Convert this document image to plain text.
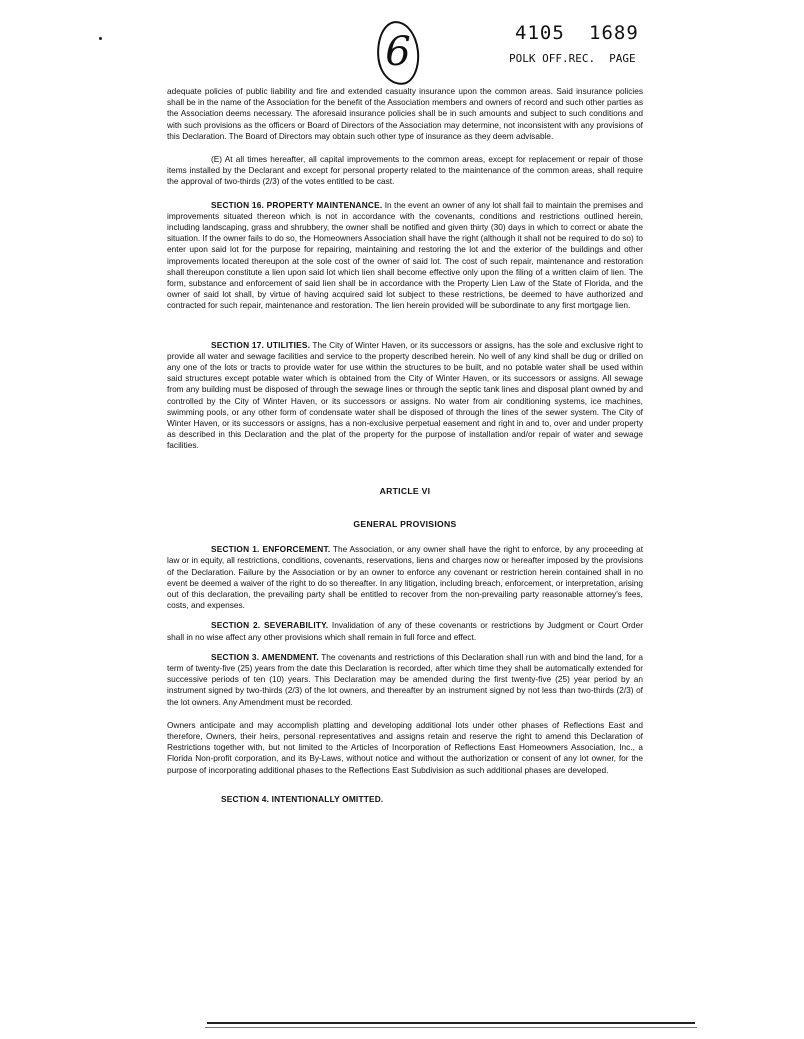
6	4105 1689
POLK OFF.REC. PAGE

adequate policies of public liability and fire and extended casualty insurance upon the common areas. Said insurance policies shall be in the name of the Association for the benefit of the Association members and owners of record and such other parties as the Association deems necessary. The aforesaid insurance policies shall be in such amounts and subject to such conditions and with such provisions as the officers or Board of Directors of the Association may determine, not inconsistent with any provisions of this Declaration. The Board of Directors may obtain such other type of insurance as they deem advisable.

(E) At all times hereafter, all capital improvements to the common areas, except for replacement or repair of those items installed by the Declarant and except for personal property related to the maintenance of the common areas, shall require the approval of two-thirds (2/3) of the votes entitled to be cast.

SECTION 16. PROPERTY MAINTENANCE. In the event an owner of any lot shall fail to maintain the premises and improvements situated thereon which is not in accordance with the covenants, conditions and restrictions outlined herein, including landscaping, grass and shrubbery, the owner shall be notified and given thirty (30) days in which to correct or abate the situation. If the owner fails to do so, the Homeowners Association shall have the right (although it shall not be required to do so) to enter upon said lot for the purpose for repairing, maintaining and restoring the lot and the exterior of the buildings and other improvements located thereupon at the sole cost of the owner of said lot. The cost of such repair, maintenance and restoration shall thereupon constitute a lien upon said lot which lien shall become effective only upon the filing of a written claim of lien. The form, substance and enforcement of said lien shall be in accordance with the Property Lien Law of the State of Florida, and the owner of said lot shall, by virtue of having acquired said lot subject to these restrictions, be deemed to have authorized and contracted for such repair, maintenance and restoration. The lien herein provided will be subordinate to any first mortgage lien.

SECTION 17. UTILITIES. The City of Winter Haven, or its successors or assigns, has the sole and exclusive right to provide all water and sewage facilities and service to the property described herein. No well of any kind shall be dug or drilled on any one of the lots or tracts to provide water for use within the structures to be built, and no potable water shall be used within said structures except potable water which is obtained from the City of Winter Haven, or its successors or assigns. All sewage from any building must be disposed of through the sewage lines or through the septic tank lines and disposal plant owned by and controlled by the City of Winter Haven, or its successors or assigns. No water from air conditioning systems, ice machines, swimming pools, or any other form of condensate water shall be disposed of through the lines of the sewer system. The City of Winter Haven, or its successors or assigns, has a non-exclusive perpetual easement and right in and to, over and under property as described in this Declaration and the plat of the property for the purpose of installation and/or repair of water and sewage facilities.

ARTICLE VI

GENERAL PROVISIONS

SECTION 1. ENFORCEMENT. The Association, or any owner shall have the right to enforce, by any proceeding at law or in equity, all restrictions, conditions, covenants, reservations, liens and charges now or hereafter imposed by the provisions of the Declaration. Failure by the Association or by an owner to enforce any covenant or restriction herein contained shall in no event be deemed a waiver of the right to do so thereafter. In any litigation, including breach, enforcement, or interpretation, arising out of this declaration, the prevailing party shall be entitled to recover from the non-prevailing party reasonable attorney's fees, costs, and expenses.

SECTION 2. SEVERABILITY. Invalidation of any of these covenants or restrictions by Judgment or Court Order shall in no wise affect any other provisions which shall remain in full force and effect.

SECTION 3. AMENDMENT. The covenants and restrictions of this Declaration shall run with and bind the land, for a term of twenty-five (25) years from the date this Declaration is recorded, after which time they shall be automatically extended for successive periods of ten (10) years. This Declaration may be amended during the first twenty-five (25) year period by an instrument signed by two-thirds (2/3) of the lot owners, and thereafter by an instrument signed by not less than two-thirds (2/3) of the lot owners. Any Amendment must be recorded.

Owners anticipate and may accomplish platting and developing additional lots under other phases of Reflections East and therefore, Owners, their heirs, personal representatives and assigns retain and reserve the right to amend this Declaration of Restrictions together with, but not limited to the Articles of Incorporation of Reflections East Homeowners Association, Inc., a Florida Non-profit corporation, and its By-Laws, without notice and without the authorization or consent of any lot owner, for the purpose of incorporating additional phases to the Reflections East Subdivision as such additional phases are developed.

SECTION 4. INTENTIONALLY OMITTED.
